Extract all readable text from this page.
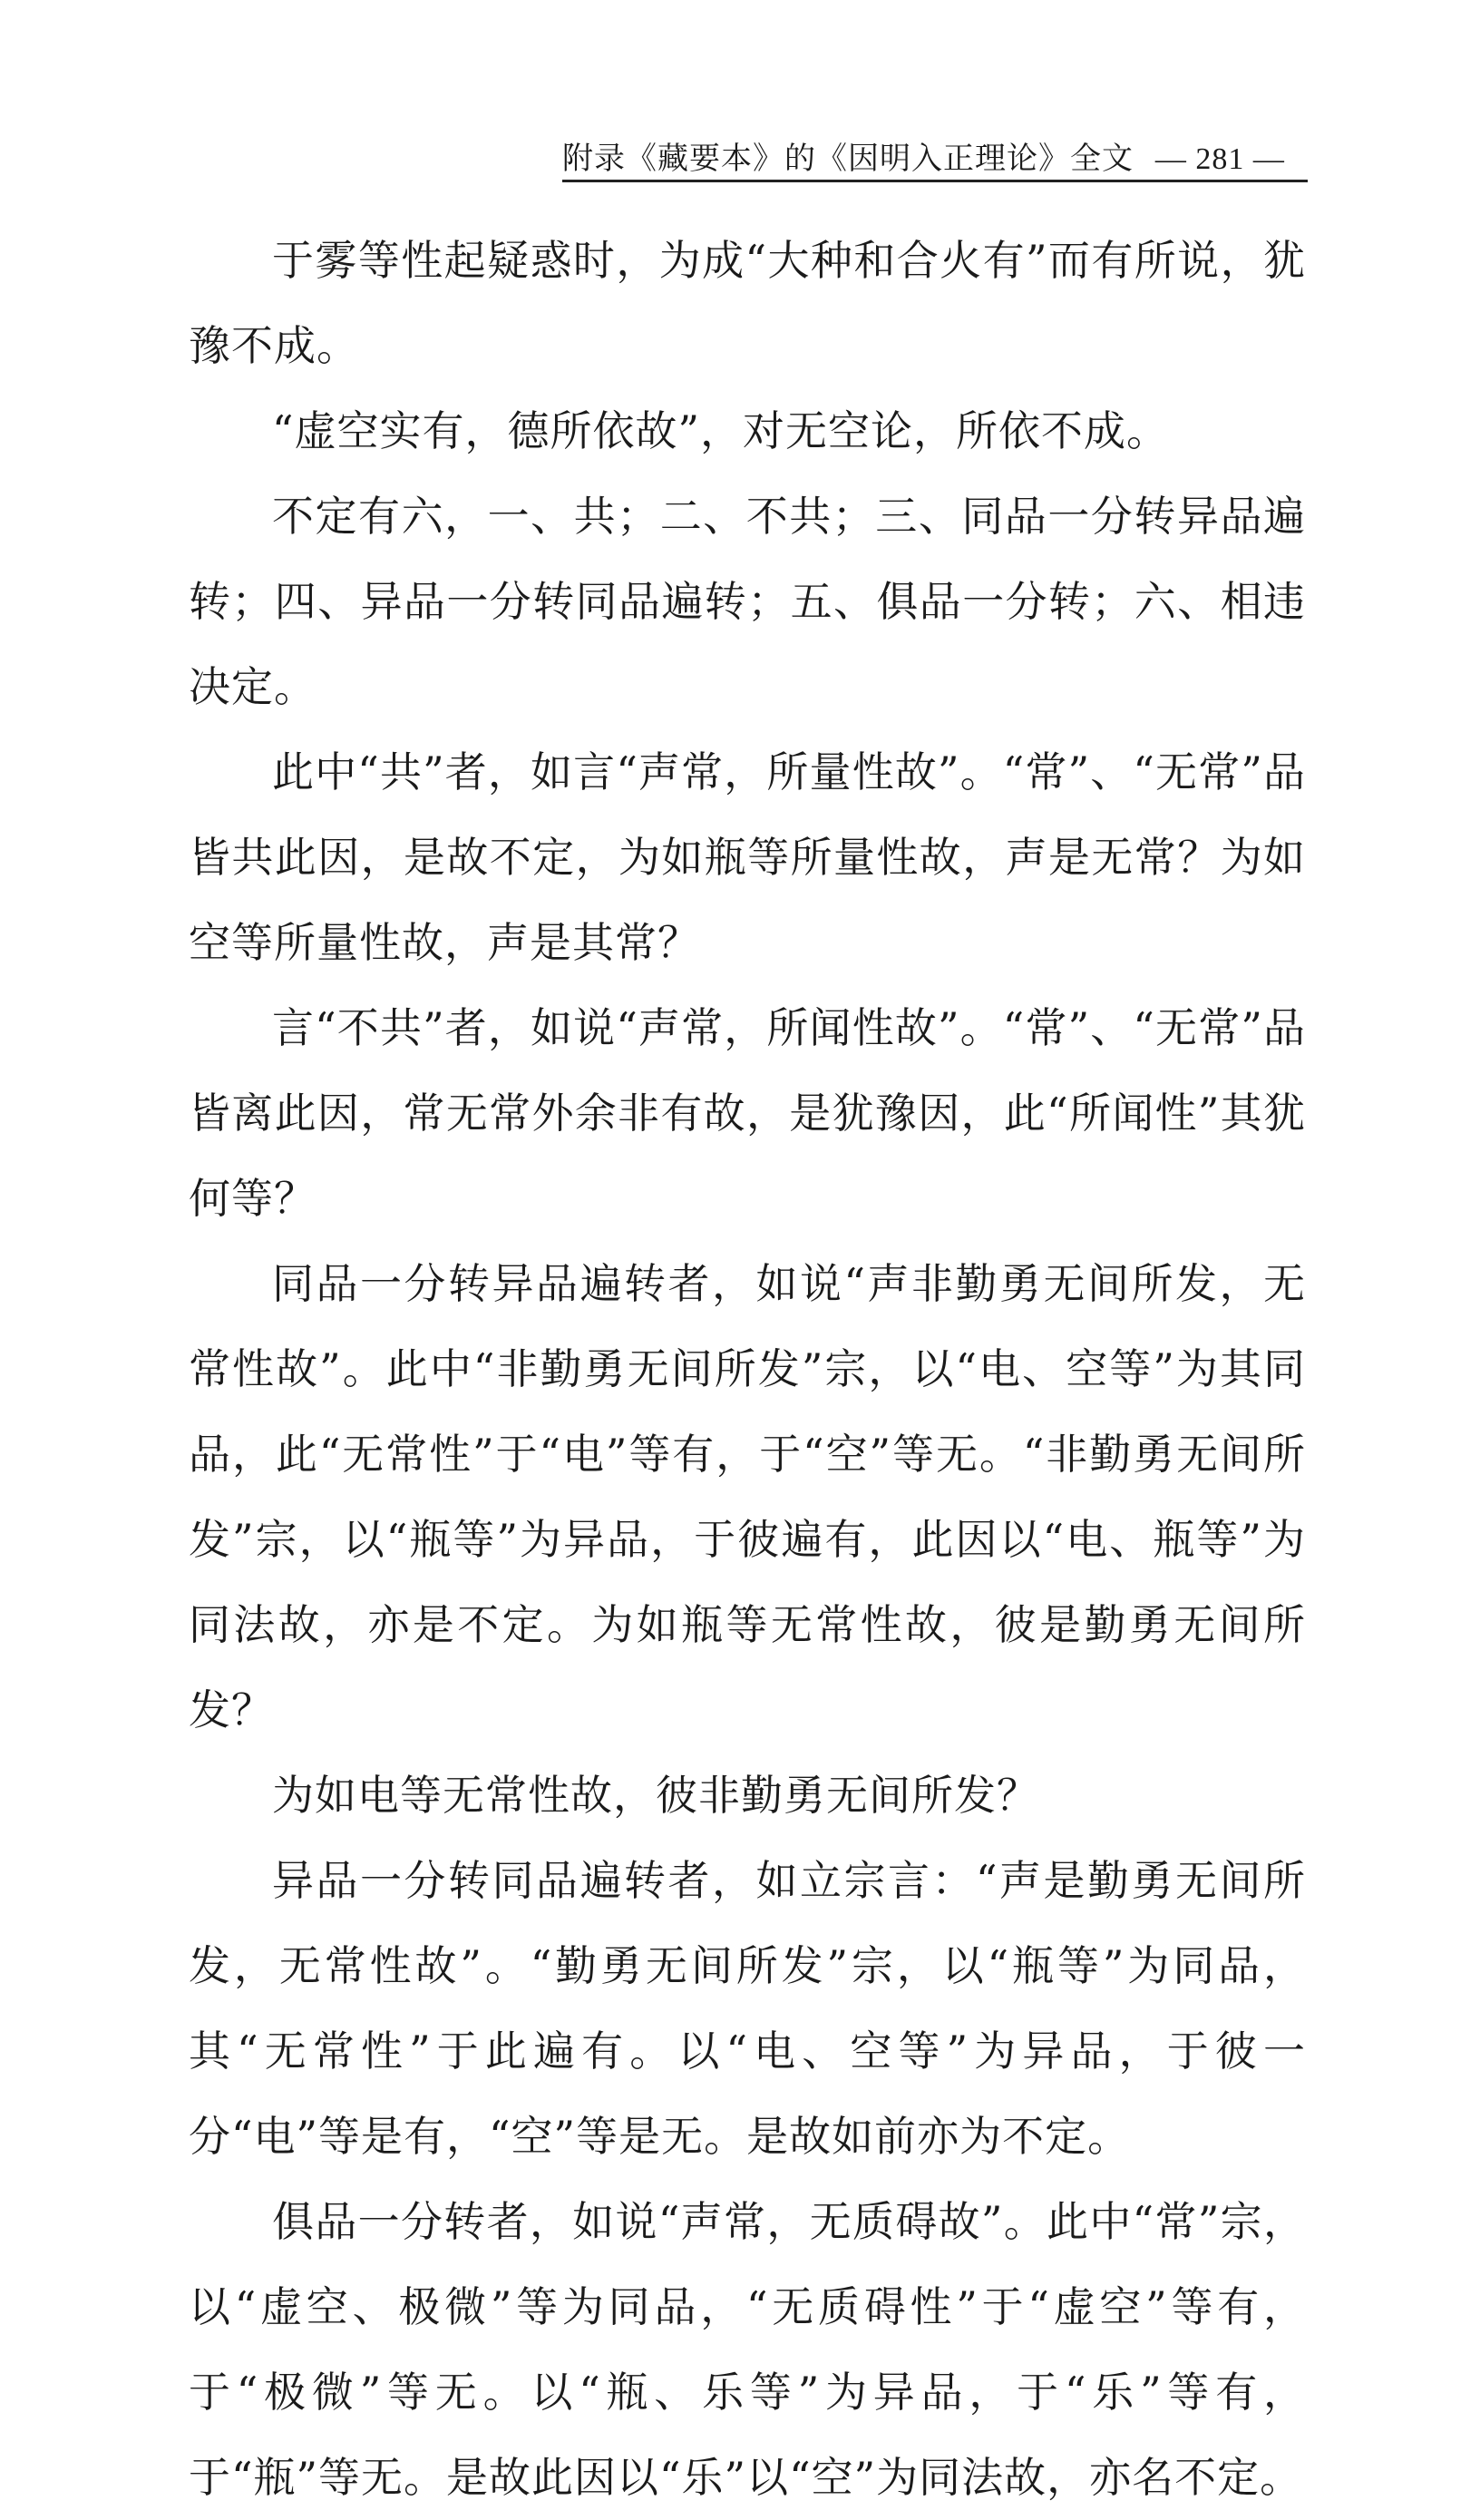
附录《藏要本》的《因明入正理论》全文 — 281 —

于雾等性起疑惑时，为成“大种和合火有”而有所说，犹豫不成。

“虚空实有，德所依故”，对无空论，所依不成。

不定有六，一、共；二、不共；三、同品一分转异品遍转；四、异品一分转同品遍转；五、俱品一分转；六、相违决定。

此中“共”者，如言“声常，所量性故”。“常”、“无常”品皆共此因，是故不定，为如瓶等所量性故，声是无常？为如空等所量性故，声是其常？

言“不共”者，如说“声常，所闻性故”。“常”、“无常”品皆离此因，常无常外余非有故，是犹豫因，此“所闻性”其犹何等？

同品一分转异品遍转者，如说“声非勤勇无间所发，无常性故”。此中“非勤勇无间所发”宗，以“电、空等”为其同品，此“无常性”于“电”等有，于“空”等无。“非勤勇无间所发”宗，以“瓶等”为异品，于彼遍有，此因以“电、瓶等”为同法故，亦是不定。为如瓶等无常性故，彼是勤勇无间所发？

为如电等无常性故，彼非勤勇无间所发？

异品一分转同品遍转者，如立宗言：“声是勤勇无间所发，无常性故”。“勤勇无间所发”宗，以“瓶等”为同品，其“无常性”于此遍有。以“电、空等”为异品，于彼一分“电”等是有，“空”等是无。是故如前亦为不定。

俱品一分转者，如说“声常，无质碍故”。此中“常”宗，以“虚空、极微”等为同品，“无质碍性”于“虚空”等有，于“极微”等无。以“瓶、乐等”为异品，于“乐”等有，于“瓶”等无。是故此因以“乐”以“空”为同法故，亦名不定。
